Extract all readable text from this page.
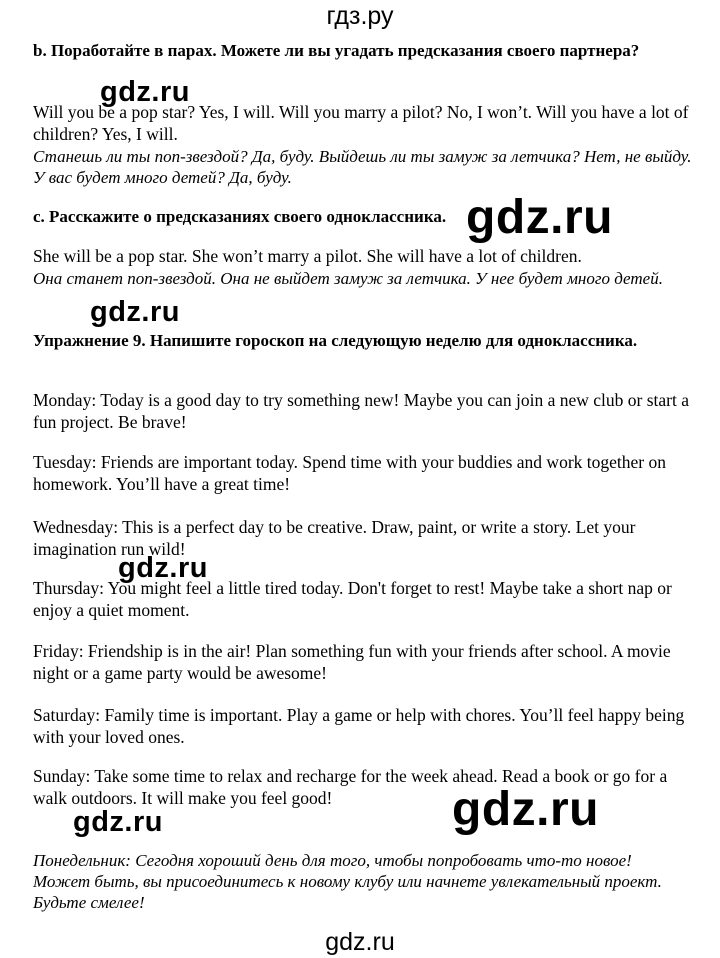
гдз.ру
b. Поработайте в парах. Можете ли вы угадать предсказания своего партнера?
gdz.ru
Will you be a pop star? Yes, I will. Will you marry a pilot? No, I won’t. Will you have a lot of children? Yes, I will.
Станешь ли ты поп-звездой? Да, буду. Выйдешь ли ты замуж за летчика? Нет, не выйду. У вас будет много детей? Да, буду.
c. Расскажите о предсказаниях своего одноклассника. gdz.ru
She will be a pop star. She won’t marry a pilot. She will have a lot of children.
Она станет поп-звездой. Она не выйдет замуж за летчика. У нее будет много детей.
gdz.ru
Упражнение 9. Напишите гороскоп на следующую неделю для одноклассника.
Monday: Today is a good day to try something new! Maybe you can join a new club or start a fun project. Be brave!
Tuesday: Friends are important today. Spend time with your buddies and work together on homework. You’ll have a great time!
Wednesday: This is a perfect day to be creative. Draw, paint, or write a story. Let your imagination run wild!
gdz.ru
Thursday: You might feel a little tired today. Don't forget to rest! Maybe take a short nap or enjoy a quiet moment.
Friday: Friendship is in the air! Plan something fun with your friends after school. A movie night or a game party would be awesome!
Saturday: Family time is important. Play a game or help with chores. You’ll feel happy being with your loved ones.
Sunday: Take some time to relax and recharge for the week ahead. Read a book or go for a walk outdoors. It will make you feel good!	gdz.ru
gdz.ru
Понедельник: Сегодня хороший день для того, чтобы попробовать что-то новое! Может быть, вы присоединитесь к новому клубу или начнете увлекательный проект. Будьте смелее!
gdz.ru
